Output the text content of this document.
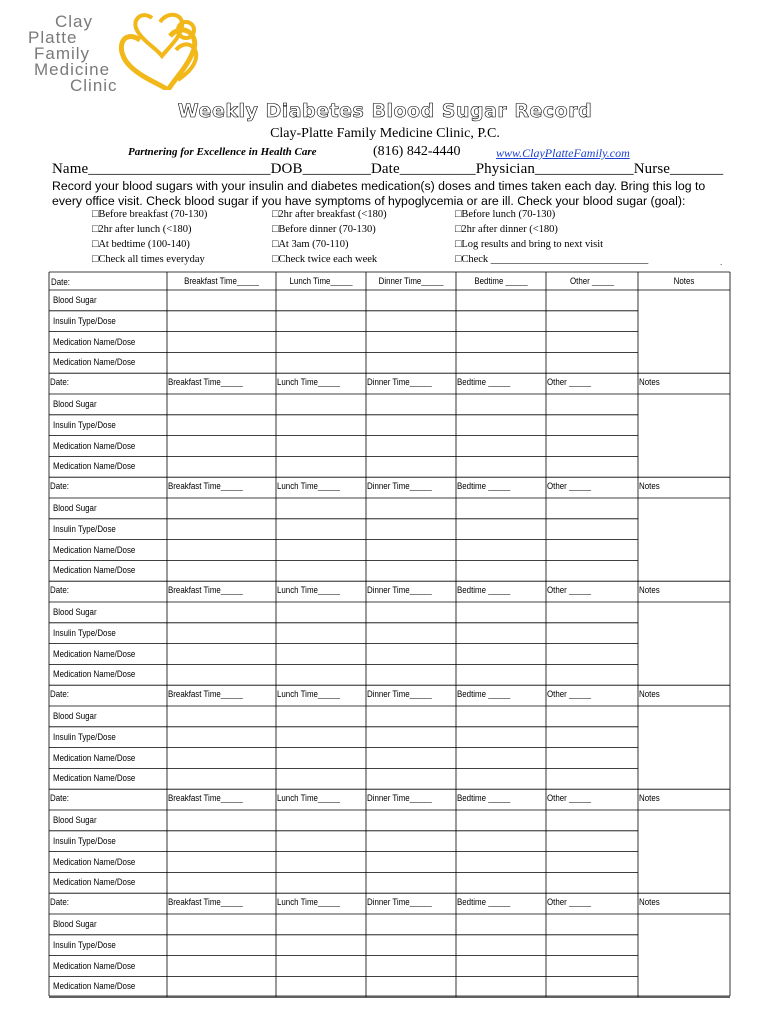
Clay
Platte
Family
Medicine
Clinic
Weekly Diabetes Blood Sugar Record
Clay-Platte Family Medicine Clinic, P.C.
Partnering for Excellence in Health Care	(816) 842-4440	www.ClayPlatteFamily.com
Name________________________DOB_________Date__________Physician_____________Nurse_______
Record your blood sugars with your insulin and diabetes medication(s) doses and times taken each day. Bring this log to every office visit. Check blood sugar if you have symptoms of hypoglycemia or are ill. Check your blood sugar (goal):
□Before breakfast (70-130)	□2hr after breakfast (<180)	□Before lunch (70-130)
□2hr after lunch (<180)	□Before dinner (70-130)	□2hr after dinner (<180)
□At bedtime (100-140)	□At 3am (70-110)	□Log results and bring to next visit
□Check all times everyday	□Check twice each week	□Check ______________________________	.
Date:	Breakfast Time_____	Lunch Time_____	Dinner Time_____	Bedtime _____	Other _____	Notes
Blood Sugar
Insulin Type/Dose
Medication Name/Dose
Medication Name/Dose
Date:	Breakfast Time_____	Lunch Time_____	Dinner Time_____	Bedtime _____	Other _____	Notes
Blood Sugar
Insulin Type/Dose
Medication Name/Dose
Medication Name/Dose
Date:	Breakfast Time_____	Lunch Time_____	Dinner Time_____	Bedtime _____	Other _____	Notes
Blood Sugar
Insulin Type/Dose
Medication Name/Dose
Medication Name/Dose
Date:	Breakfast Time_____	Lunch Time_____	Dinner Time_____	Bedtime _____	Other _____	Notes
Blood Sugar
Insulin Type/Dose
Medication Name/Dose
Medication Name/Dose
Date:	Breakfast Time_____	Lunch Time_____	Dinner Time_____	Bedtime _____	Other _____	Notes
Blood Sugar
Insulin Type/Dose
Medication Name/Dose
Medication Name/Dose
Date:	Breakfast Time_____	Lunch Time_____	Dinner Time_____	Bedtime _____	Other _____	Notes
Blood Sugar
Insulin Type/Dose
Medication Name/Dose
Medication Name/Dose
Date:	Breakfast Time_____	Lunch Time_____	Dinner Time_____	Bedtime _____	Other _____	Notes
Blood Sugar
Insulin Type/Dose
Medication Name/Dose
Medication Name/Dose
